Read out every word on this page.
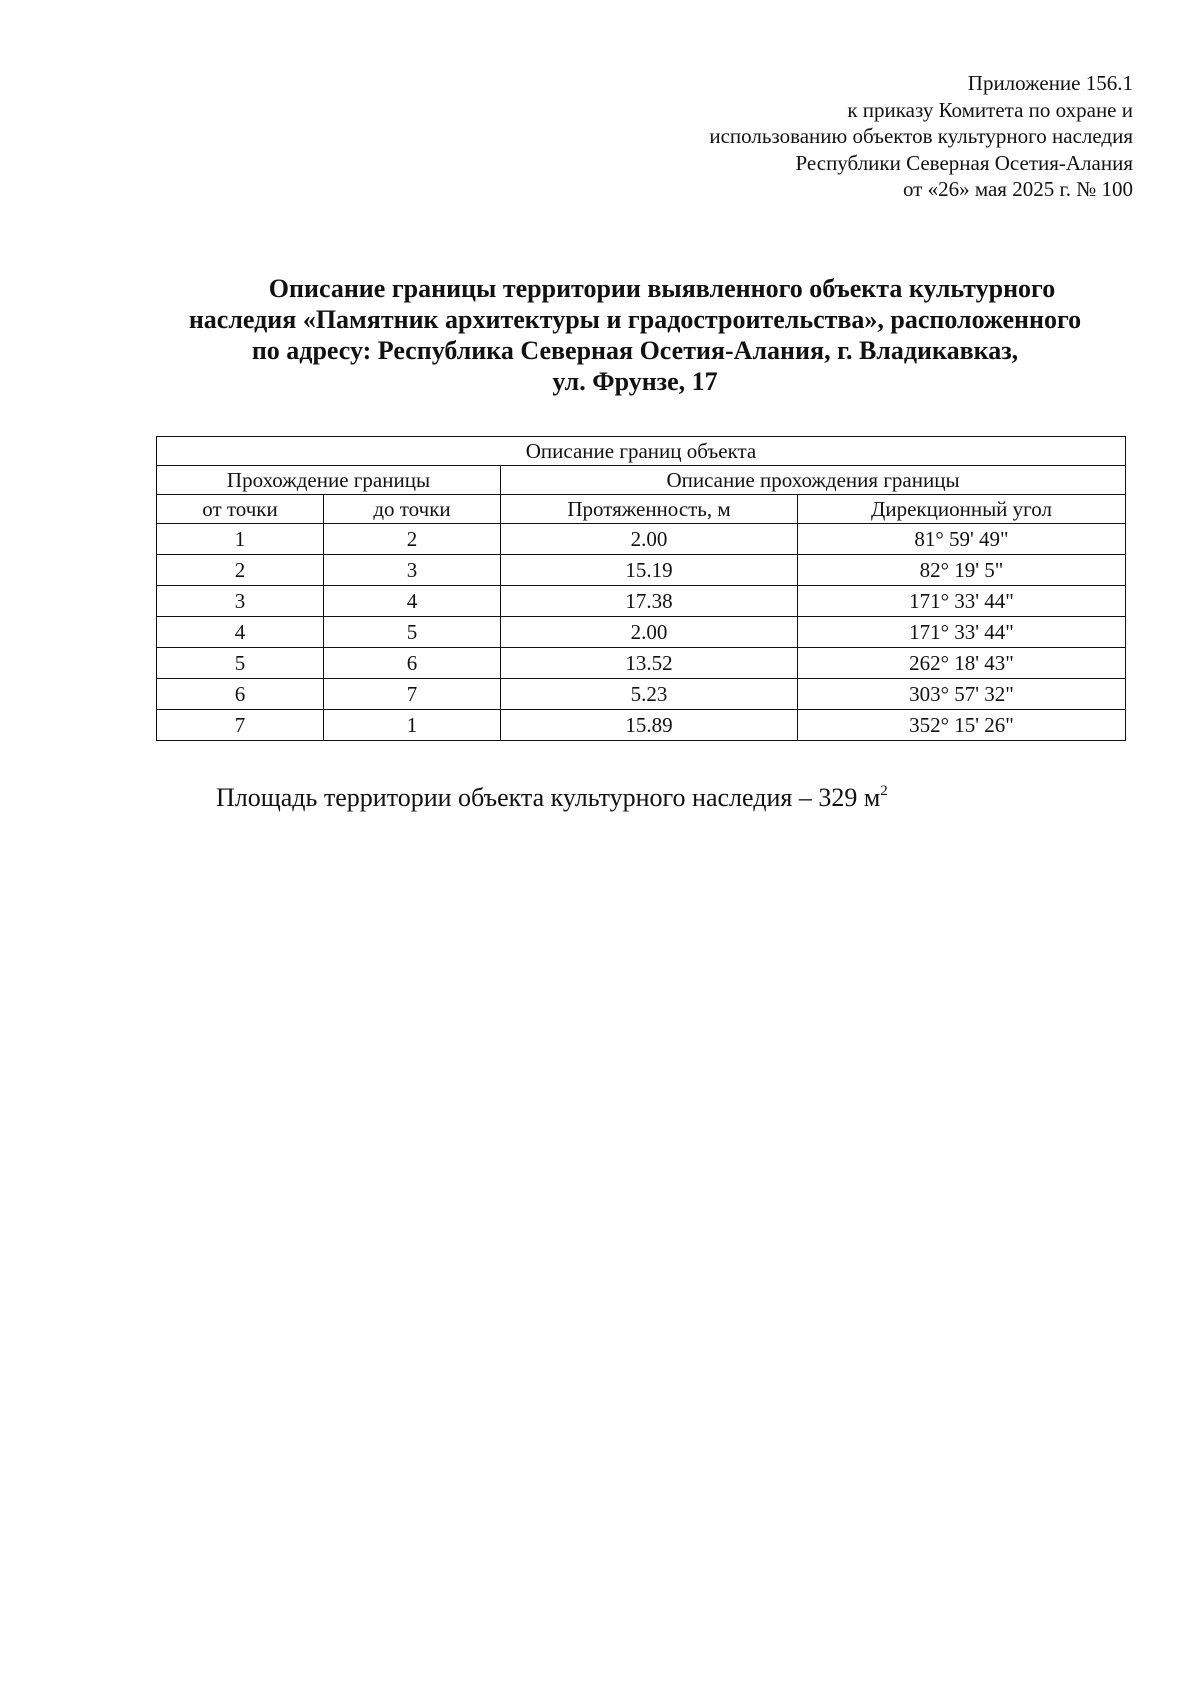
Приложение 156.1
к приказу Комитета по охране и
использованию объектов культурного наследия
Республики Северная Осетия-Алания
от «26» мая 2025 г. № 100
Описание границы территории выявленного объекта культурного
наследия «Памятник архитектуры и градостроительства», расположенного
по адресу: Республика Северная Осетия-Алания, г. Владикавказ,
ул. Фрунзе, 17
Описание границ объекта			
Прохождение границы		Описание прохождения границы	
от точки	до точки	Протяженность, м	Дирекционный угол
1	2	2.00	81° 59' 49"
2	3	15.19	82° 19' 5"
3	4	17.38	171° 33' 44"
4	5	2.00	171° 33' 44"
5	6	13.52	262° 18' 43"
6	7	5.23	303° 57' 32"
7	1	15.89	352° 15' 26"
Площадь территории объекта культурного наследия – 329 $м^2$
